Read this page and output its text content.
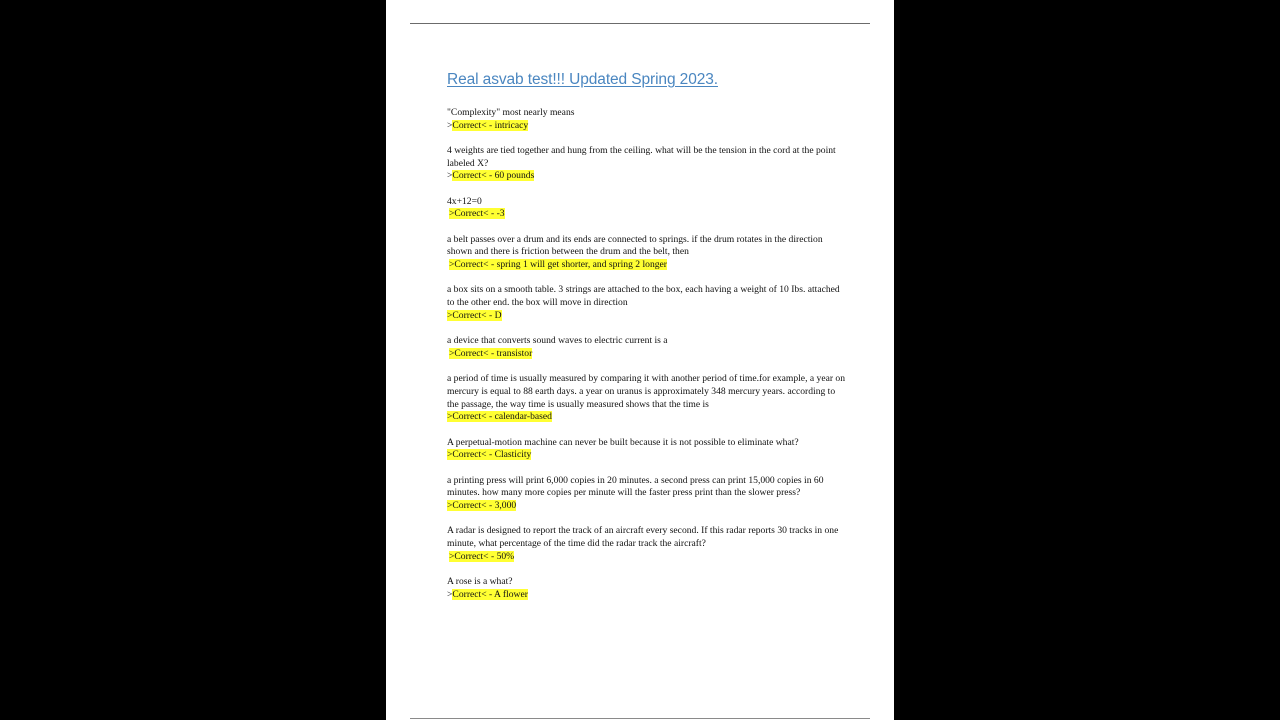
Real asvab test!!! Updated Spring 2023.
"Complexity" most nearly means
>Correct< - intricacy
4 weights are tied together and hung from the ceiling. what will be the tension in the cord at the point labeled X?
>Correct< - 60 pounds
4x+12=0
>Correct< - -3
a belt passes over a drum and its ends are connected to springs. if the drum rotates in the direction shown and there is friction between the drum and the belt, then
>Correct< - spring 1 will get shorter, and spring 2 longer
a box sits on a smooth table. 3 strings are attached to the box, each having a weight of 10 Ibs. attached to the other end. the box will move in direction
>Correct< - D
a device that converts sound waves to electric current is a
>Correct< - transistor
a period of time is usually measured by comparing it with another period of time.for example, a year on mercury is equal to 88 earth days. a year on uranus is approximately 348 mercury years. according to the passage, the way time is usually measured shows that the time is
>Correct< - calendar-based
A perpetual-motion machine can never be built because it is not possible to eliminate what?
>Correct< - Clasticity
a printing press will print 6,000 copies in 20 minutes. a second press can print 15,000 copies in 60 minutes. how many more copies per minute will the faster press print than the slower press?
>Correct< - 3,000
A radar is designed to report the track of an aircraft every second. If this radar reports 30 tracks in one minute, what percentage of the time did the radar track the aircraft?
>Correct< - 50%
A rose is a what?
>Correct< - A flower
